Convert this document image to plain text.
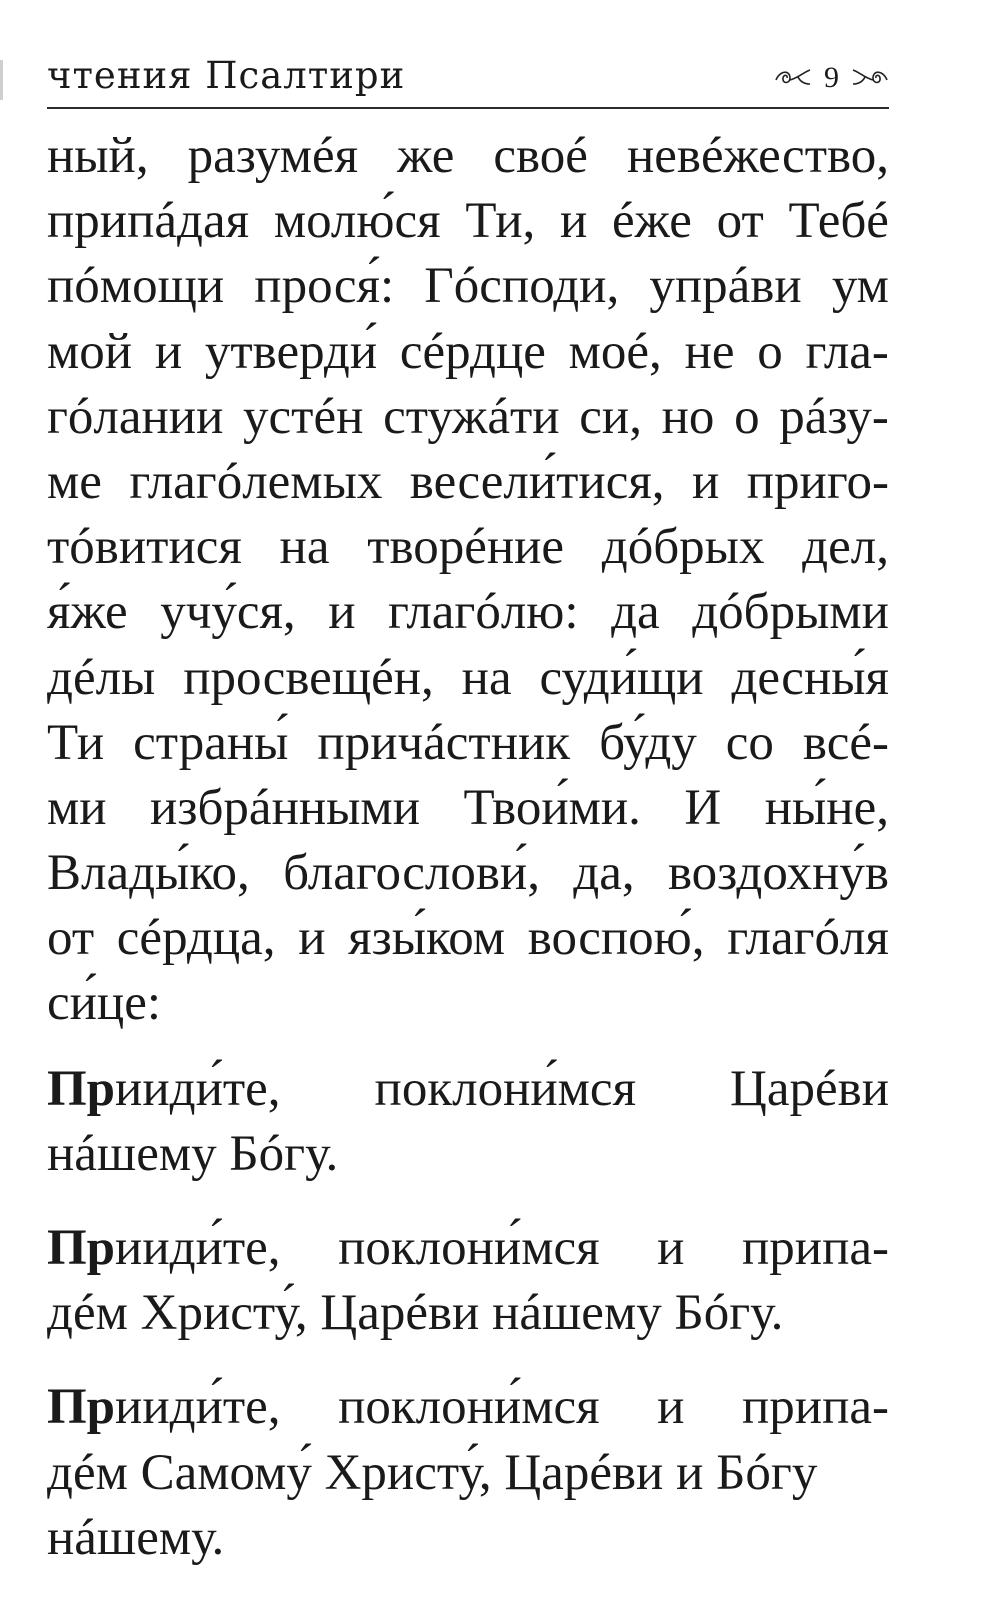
чтения Псалтири	9
ный, разумéя же своé невéжество,
припáдая молю́ся Ти, и éже от Тебé
пóмощи прося́: Гóсподи, упрáви ум
мой и утверди́ сéрдце моé, не о гла-
гóлании устéн стужáти си, но о рáзу-
ме глагóлемых весели́тися, и приго-
тóвитися на творéние дóбрых дел,
я́же учу́ся, и глагóлю: да дóбрыми
дéлы просвещéн, на суди́щи десны́я
Ти страны́ причáстник бу́ду со всé-
ми избрáнными Твои́ми. И ны́не,
Влады́ко, благослови́, да, воздохну́в
от сéрдца, и язы́ком воспою́, глагóля
си́це:
Прииди́те, поклони́мся Царéви
нáшему Бóгу.
Прииди́те, поклони́мся и припа-
дéм Христу́, Царéви нáшему Бóгу.
Прииди́те, поклони́мся и припа-
дéм Самому́ Христу́, Царéви и Бóгу
нáшему.
